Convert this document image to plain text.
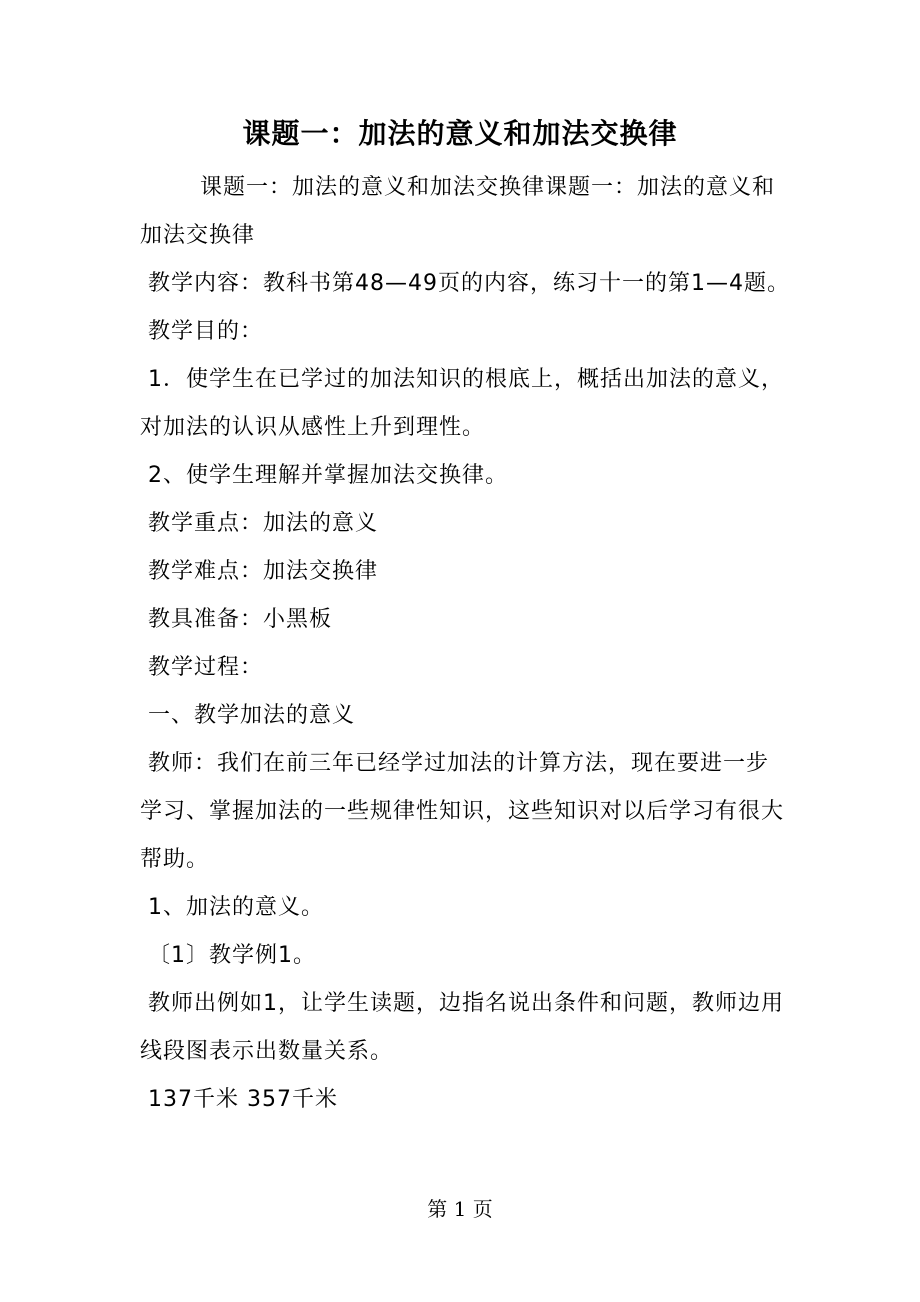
课题一：加法的意义和加法交换律

课题一：加法的意义和加法交换律课题一：加法的意义和加法交换律

教学内容：教科书第48—49页的内容，练习十一的第1—4题。

教学目的：

1．使学生在已学过的加法知识的根底上，概括出加法的意义，对加法的认识从感性上升到理性。

2、使学生理解并掌握加法交换律。

教学重点：加法的意义

教学难点：加法交换律

教具准备：小黑板

教学过程：

一、教学加法的意义

教师：我们在前三年已经学过加法的计算方法，现在要进一步学习、掌握加法的一些规律性知识，这些知识对以后学习有很大帮助。

1、加法的意义。

〔1〕教学例1。

教师出例如1，让学生读题，边指名说出条件和问题，教师边用线段图表示出数量关系。

137千米 357千米

第 1 页
